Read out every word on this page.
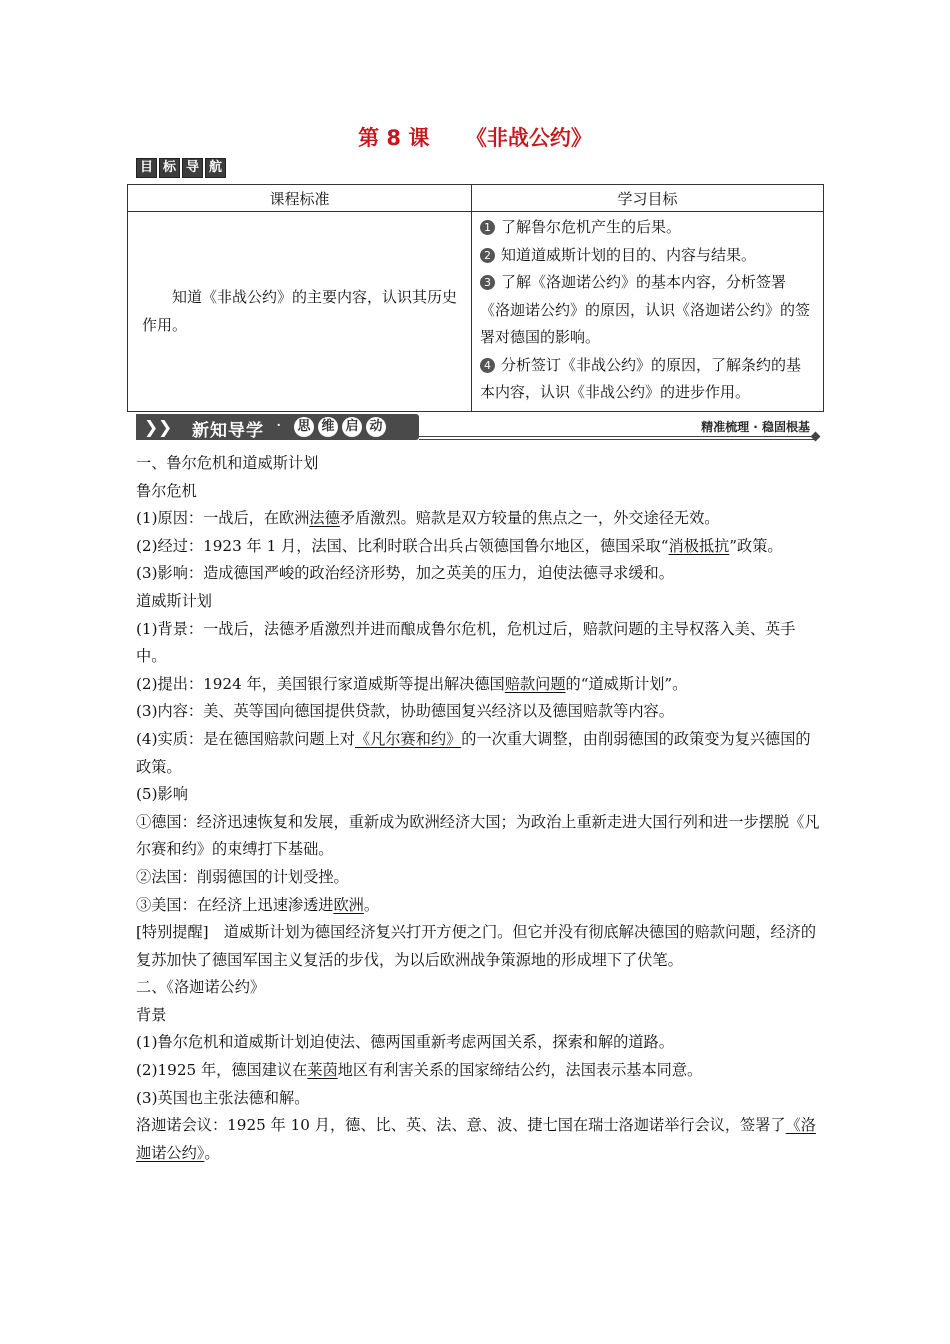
第 8 课 《非战公约》
目 标 导 航
课程标准	学习目标

知道《非战公约》的主要内容，认识其历史作用。	1 了解鲁尔危机产生的后果。
2 知道道威斯计划的目的、内容与结果。
3 了解《洛迦诺公约》的基本内容，分析签署《洛迦诺公约》的原因，认识《洛迦诺公约》的签署对德国的影响。
4 分析签订《非战公约》的原因，了解条约的基本内容，认识《非战公约》的进步作用。
❯ ❯ 新知导学 · 思 维 启 动	精准梳理 · 稳固根基

一、鲁尔危机和道威斯计划

鲁尔危机

(1)原因：一战后，在欧洲法德矛盾激烈。赔款是双方较量的焦点之一，外交途径无效。

(2)经过：1923 年 1 月，法国、比利时联合出兵占领德国鲁尔地区，德国采取“消极抵抗”政策。

(3)影响：造成德国严峻的政治经济形势，加之英美的压力，迫使法德寻求缓和。

道威斯计划

(1)背景：一战后，法德矛盾激烈并进而酿成鲁尔危机，危机过后，赔款问题的主导权落入美、英手中。

(2)提出：1924 年，美国银行家道威斯等提出解决德国赔款问题的“道威斯计划”。

(3)内容：美、英等国向德国提供贷款，协助德国复兴经济以及德国赔款等内容。

(4)实质：是在德国赔款问题上对《凡尔赛和约》的一次重大调整，由削弱德国的政策变为复兴德国的政策。

(5)影响

①德国：经济迅速恢复和发展，重新成为欧洲经济大国；为政治上重新走进大国行列和进一步摆脱《凡尔赛和约》的束缚打下基础。

②法国：削弱德国的计划受挫。

③美国：在经济上迅速渗透进欧洲。

[特别提醒]　道威斯计划为德国经济复兴打开方便之门。但它并没有彻底解决德国的赔款问题，经济的复苏加快了德国军国主义复活的步伐，为以后欧洲战争策源地的形成埋下了伏笔。

二、《洛迦诺公约》

背景

(1)鲁尔危机和道威斯计划迫使法、德两国重新考虑两国关系，探索和解的道路。

(2)1925 年，德国建议在莱茵地区有利害关系的国家缔结公约，法国表示基本同意。

(3)英国也主张法德和解。

洛迦诺会议：1925 年 10 月，德、比、英、法、意、波、捷七国在瑞士洛迦诺举行会议，签署了《洛迦诺公约》。
